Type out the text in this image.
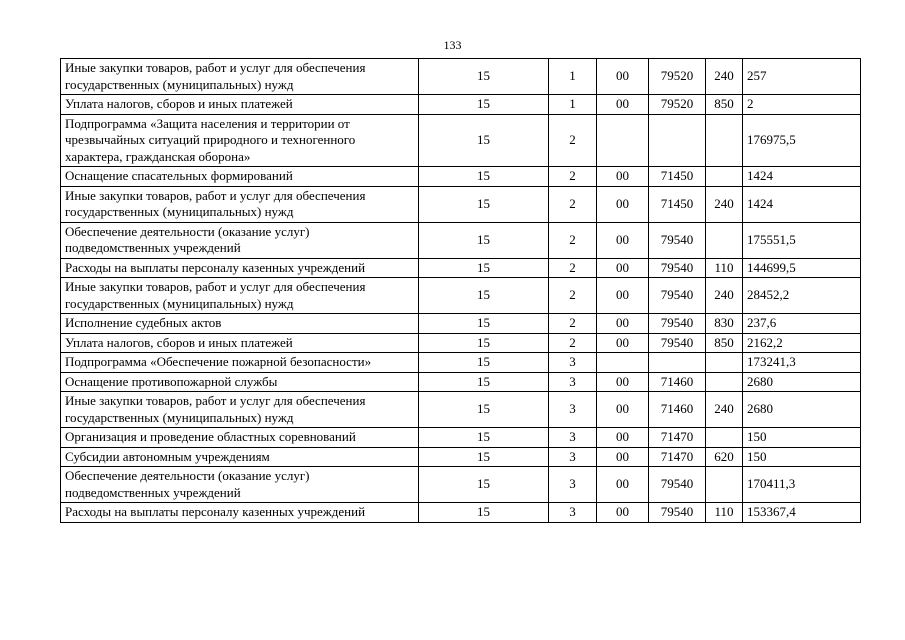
133
Иные закупки товаров, работ и услуг для обеспечения государственных (муниципальных) нужд	15	1	00	79520	240	257
Уплата налогов, сборов и иных платежей	15	1	00	79520	850	2
Подпрограмма «Защита населения и территории от чрезвычайных ситуаций природного и техногенного характера, гражданская оборона»	15	2				176975,5
Оснащение спасательных формирований	15	2	00	71450		1424
Иные закупки товаров, работ и услуг для обеспечения государственных (муниципальных) нужд	15	2	00	71450	240	1424
Обеспечение деятельности (оказание услуг) подведомственных учреждений	15	2	00	79540		175551,5
Расходы на выплаты персоналу казенных учреждений	15	2	00	79540	110	144699,5
Иные закупки товаров, работ и услуг для обеспечения государственных (муниципальных) нужд	15	2	00	79540	240	28452,2
Исполнение судебных актов	15	2	00	79540	830	237,6
Уплата налогов, сборов и иных платежей	15	2	00	79540	850	2162,2
Подпрограмма «Обеспечение пожарной безопасности»	15	3				173241,3
Оснащение противопожарной службы	15	3	00	71460		2680
Иные закупки товаров, работ и услуг для обеспечения государственных (муниципальных) нужд	15	3	00	71460	240	2680
Организация и проведение областных соревнований	15	3	00	71470		150
Субсидии автономным учреждениям	15	3	00	71470	620	150
Обеспечение деятельности (оказание услуг) подведомственных учреждений	15	3	00	79540		170411,3
Расходы на выплаты персоналу казенных учреждений	15	3	00	79540	110	153367,4
